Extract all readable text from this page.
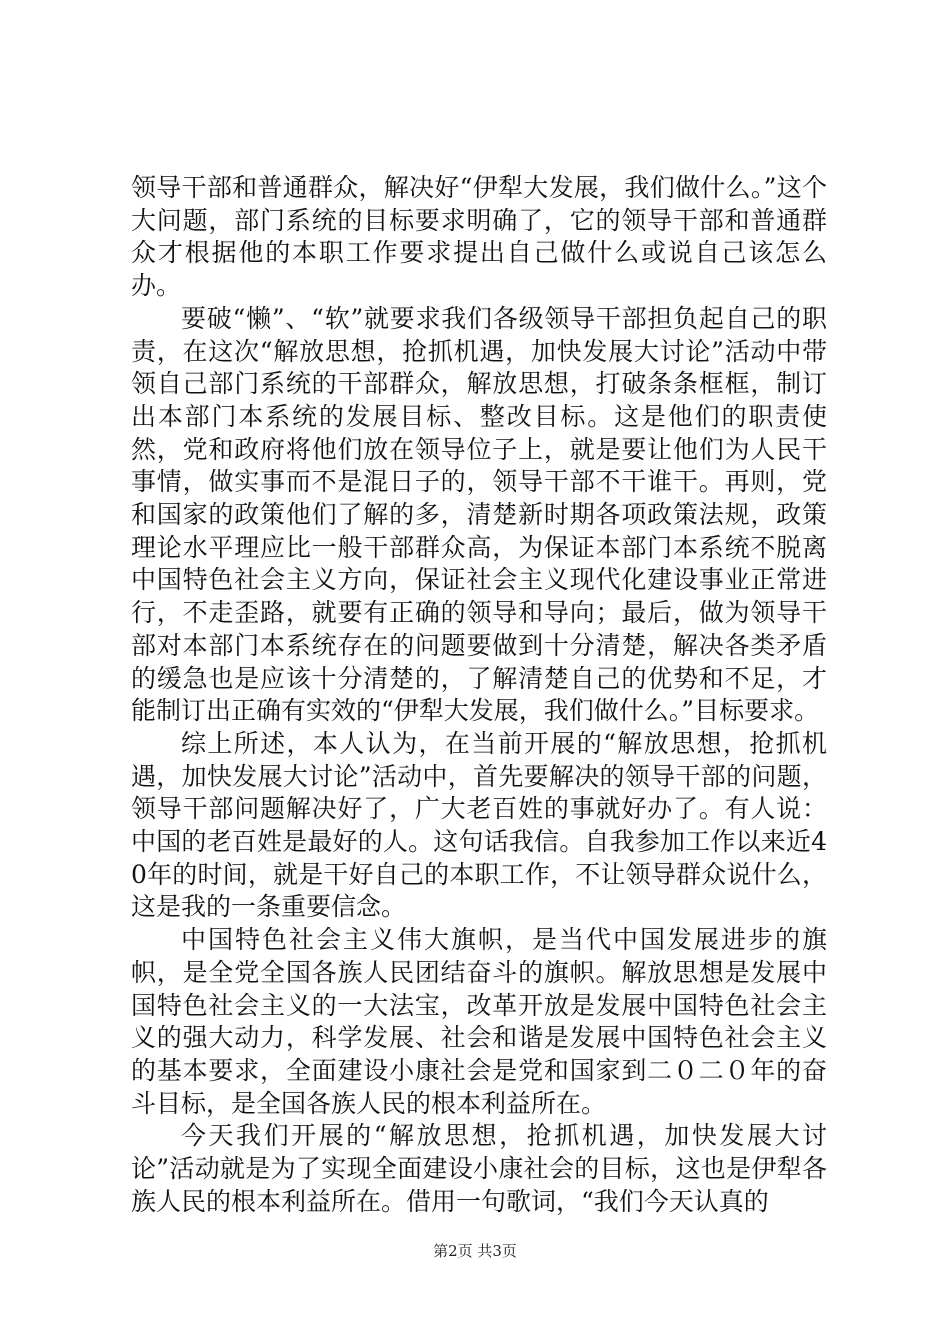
领导干部和普通群众，解决好“伊犁大发展，我们做什么。”这个大问题，部门系统的目标要求明确了，它的领导干部和普通群众才根据他的本职工作要求提出自己做什么或说自己该怎么办。

要破“懒”、“软”就要求我们各级领导干部担负起自己的职责，在这次“解放思想，抢抓机遇，加快发展大讨论”活动中带领自己部门系统的干部群众，解放思想，打破条条框框，制订出本部门本系统的发展目标、整改目标。这是他们的职责使然，党和政府将他们放在领导位子上，就是要让他们为人民干事情，做实事而不是混日子的，领导干部不干谁干。再则，党和国家的政策他们了解的多，清楚新时期各项政策法规，政策理论水平理应比一般干部群众高，为保证本部门本系统不脱离中国特色社会主义方向，保证社会主义现代化建设事业正常进行，不走歪路，就要有正确的领导和导向；最后，做为领导干部对本部门本系统存在的问题要做到十分清楚，解决各类矛盾的缓急也是应该十分清楚的，了解清楚自己的优势和不足，才能制订出正确有实效的“伊犁大发展，我们做什么。”目标要求。

综上所述，本人认为，在当前开展的“解放思想，抢抓机遇，加快发展大讨论”活动中，首先要解决的领导干部的问题，领导干部问题解决好了，广大老百姓的事就好办了。有人说：中国的老百姓是最好的人。这句话我信。自我参加工作以来近40年的时间，就是干好自己的本职工作，不让领导群众说什么，这是我的一条重要信念。

中国特色社会主义伟大旗帜，是当代中国发展进步的旗帜，是全党全国各族人民团结奋斗的旗帜。解放思想是发展中国特色社会主义的一大法宝，改革开放是发展中国特色社会主义的强大动力，科学发展、社会和谐是发展中国特色社会主义的基本要求，全面建设小康社会是党和国家到二０二０年的奋斗目标，是全国各族人民的根本利益所在。

今天我们开展的“解放思想，抢抓机遇，加快发展大讨论”活动就是为了实现全面建设小康社会的目标，这也是伊犁各族人民的根本利益所在。借用一句歌词，“我们今天认真的

第2页 共3页
